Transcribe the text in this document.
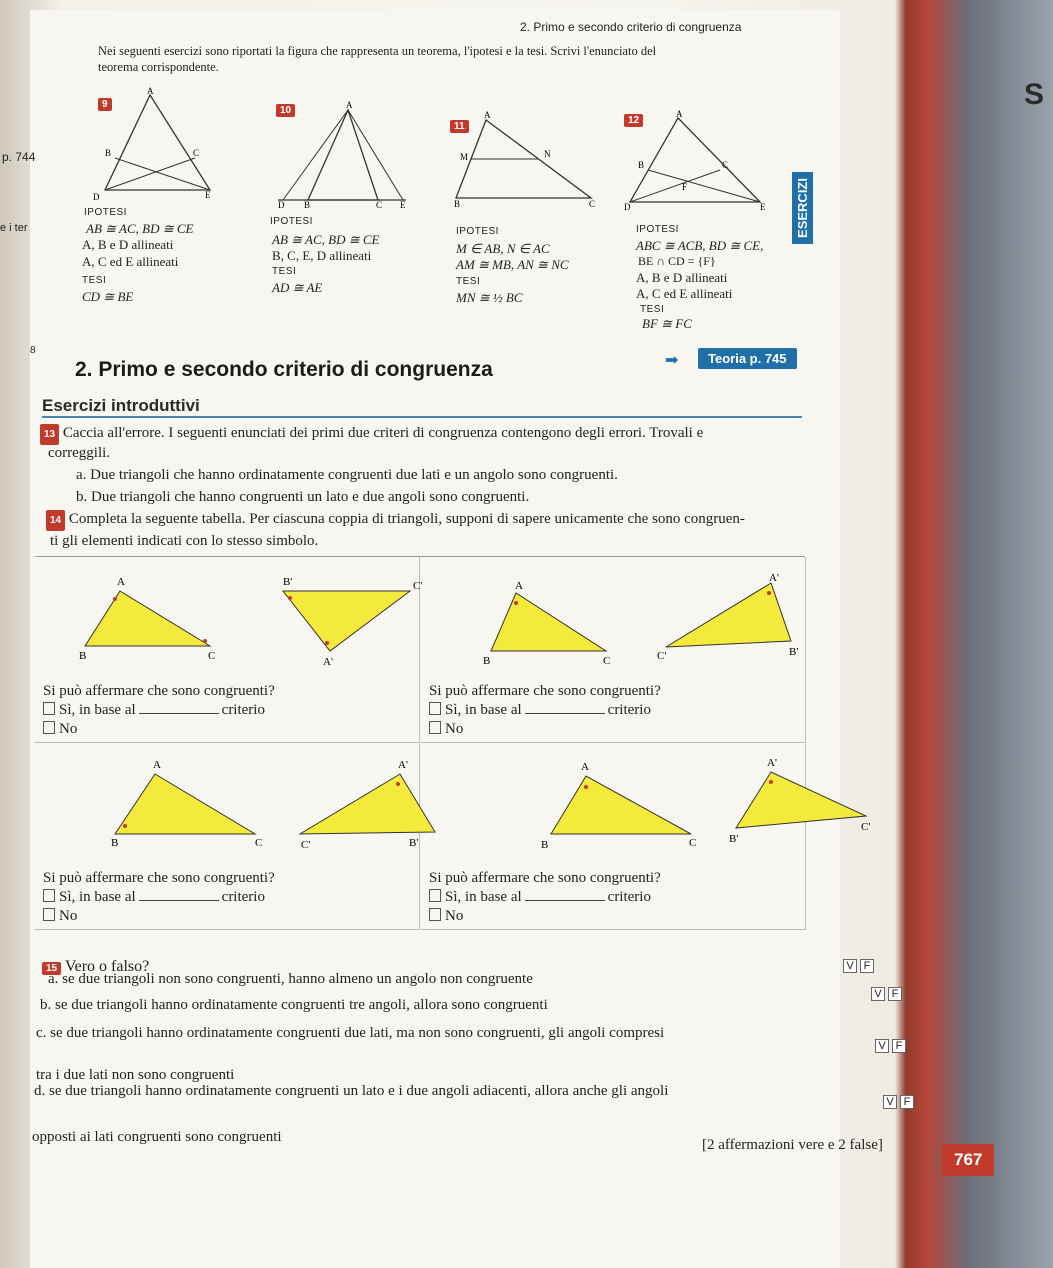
2. Primo e secondo criterio di congruenza
Nei seguenti esercizi sono riportati la figura che rappresenta un teorema, l'ipotesi e la tesi. Scrivi l'enunciato del
teorema corrispondente.
p. 744
e i ter
8
9
A
B	C
D	E
IPOTESI
AB ≅ AC, BD ≅ CE
A, B e D allineati
A, C ed E allineati
TESI
CD ≅ BE
10	A
D B	C E
IPOTESI
AB ≅ AC, BD ≅ CE
B, C, E, D allineati
TESI
AD ≅ AE
11
A
M	N
B	C
IPOTESI
M ∈ AB, N ∈ AC
AM ≅ MB, AN ≅ NC
TESI
MN ≅ ½ BC
12
A
B	C
F
D	E
IPOTESI
ABC ≅ ACB, BD ≅ CE,
BE ∩ CD = {F}
A, B e D allineati
A, C ed E allineati
TESI
BF ≅ FC
2. Primo e secondo criterio di congruenza	➡	Teoria p. 745
Esercizi introduttivi
13 Caccia all'errore. I seguenti enunciati dei primi due criteri di congruenza contengono degli errori. Trovali e
correggili.
a. Due triangoli che hanno ordinatamente congruenti due lati e un angolo sono congruenti.
b. Due triangoli che hanno congruenti un lato e due angoli sono congruenti.
14 Completa la seguente tabella. Per ciascuna coppia di triangoli, supponi di sapere unicamente che sono congruen-
ti gli elementi indicati con lo stesso simbolo.
A
B	C
B'	C'
A'
Si può affermare che sono congruenti?
Sì, in base al	criterio
No
A
B	C
A'
C'	B'
Si può affermare che sono congruenti?
Sì, in base al	criterio
No
A
B	C
A'
C'	B'
Si può affermare che sono congruenti?
Sì, in base al	criterio
No
A
B	C
A'
B'
C'
Si può affermare che sono congruenti?
Sì, in base al	criterio
No
15 Vero o falso?	V F
a. se due triangoli non sono congruenti, hanno almeno un angolo non congruente
V F
b. se due triangoli hanno ordinatamente congruenti tre angoli, allora sono congruenti
c. se due triangoli hanno ordinatamente congruenti due lati, ma non sono congruenti, gli angoli compresi
V F
tra i due lati non sono congruenti
d. se due triangoli hanno ordinatamente congruenti un lato e i due angoli adiacenti, allora anche gli angoli
V F
opposti ai lati congruenti sono congruenti	[2 affermazioni vere e 2 false]
767
ESERCIZI
S
